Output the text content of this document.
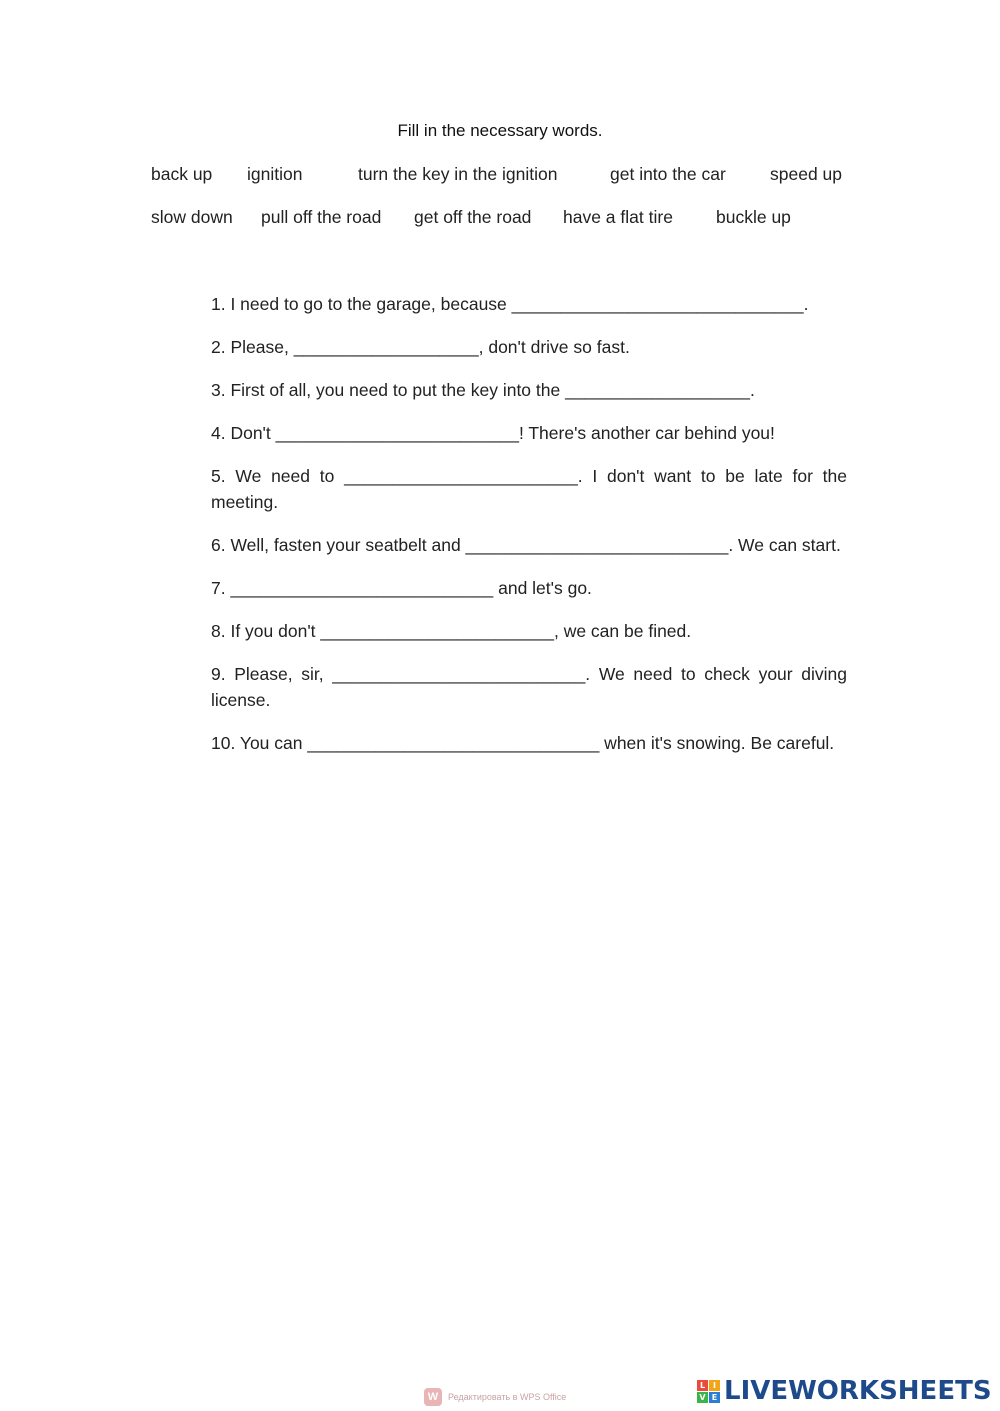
Fill in the necessary words.
back up ignition	turn the key in the ignition	get into the car	speed up
slow down pull off the road get off the road have a flat tire buckle up
1. I need to go to the garage, because ______________________________.
2. Please, ___________________, don't drive so fast.
3. First of all, you need to put the key into the ___________________.
4. Don't _________________________! There's another car behind you!
5. We need to ________________________. I don't want to be late for the meeting.
6. Well, fasten your seatbelt and ___________________________. We can start.
7. ___________________________ and let's go.
8. If you don't ________________________, we can be fined.
9. Please, sir, __________________________. We need to check your diving license.
10. You can ______________________________ when it's snowing. Be careful.
W	Редактировать в WPS Office
L I
V E LIVEWORKSHEETS
